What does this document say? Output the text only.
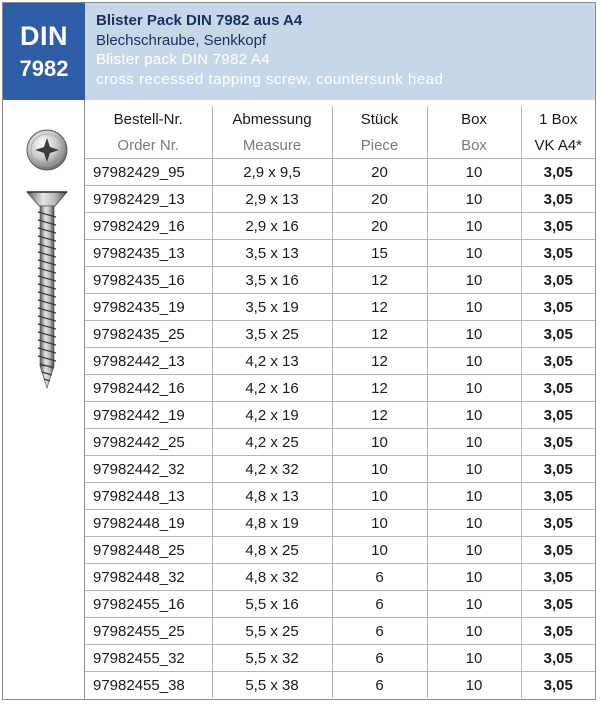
DIN
7982
Blister Pack DIN 7982 aus A4
Blechschraube, Senkkopf
Blister pack DIN 7982 A4
cross recessed tapping screw, countersunk head
Bestell-Nr.	Abmessung	Stück	Box	1 Box
Order Nr.	Measure	Piece	Box	VK A4*
97982429_95	2,9 x 9,5	20	10	3,05
97982429_13	2,9 x 13	20	10	3,05
97982429_16	2,9 x 16	20	10	3,05
97982435_13	3,5 x 13	15	10	3,05
97982435_16	3,5 x 16	12	10	3,05
97982435_19	3,5 x 19	12	10	3,05
97982435_25	3,5 x 25	12	10	3,05
97982442_13	4,2 x 13	12	10	3,05
97982442_16	4,2 x 16	12	10	3,05
97982442_19	4,2 x 19	12	10	3,05
97982442_25	4,2 x 25	10	10	3,05
97982442_32	4,2 x 32	10	10	3,05
97982448_13	4,8 x 13	10	10	3,05
97982448_19	4,8 x 19	10	10	3,05
97982448_25	4,8 x 25	10	10	3,05
97982448_32	4,8 x 32	6	10	3,05
97982455_16	5,5 x 16	6	10	3,05
97982455_25	5,5 x 25	6	10	3,05
97982455_32	5,5 x 32	6	10	3,05
97982455_38	5,5 x 38	6	10	3,05
